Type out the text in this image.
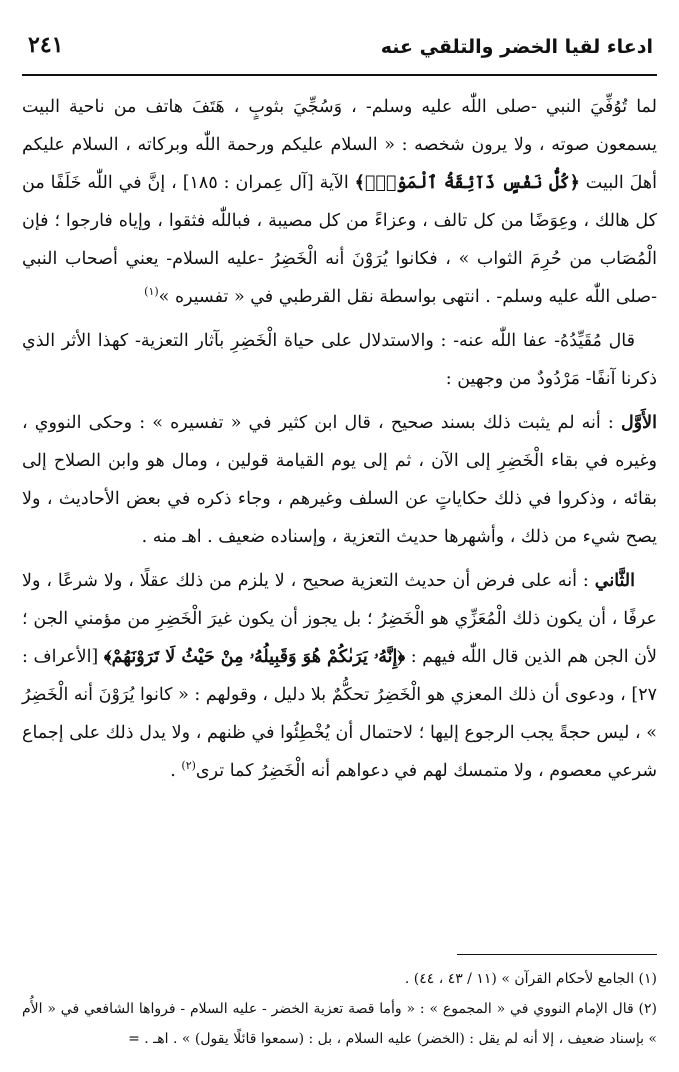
ادعاء لقيا الخضر والتلقي عنه
٢٤١

لما تُوُفِّيَ النبي -صلى اللّٰه عليه وسلم- ، وَسُجِّيَ بثوبٍ ، هَتَفَ هاتف من ناحية البيت يسمعون صوته ، ولا يرون شخصه : « السلام عليكم ورحمة اللّٰه وبركاته ، السلام عليكم أهلَ البيت ﴿كُلُّ نَفْسٍ ذَآئِقَةُ ٱلْمَوْتِۗ﴾ الآية [آل عِمران : ١٨٥] ، إنَّ في اللّٰه خَلَفًا من كل هالك ، وعِوَضًا من كل تالف ، وعزاءً من كل مصيبة ، فباللّٰه فثقوا ، وإياه فارجوا ؛ فإن الْمُصَاب من حُرِمَ الثواب » ، فكانوا يُرَوْنَ أنه الْخَضِرُ -عليه السلام- يعني أصحاب النبي -صلى اللّٰه عليه وسلم- . انتهى بواسطة نقل القرطبي في « تفسيره »$^{(١)}$

قال مُقَيِّدُهُ- عفا اللّٰه عنه- : والاستدلال على حياة الْخَضِرِ بآثار التعزية- كهذا الأثر الذي ذكرنا آنفًا- مَرْدُودٌ من وجهين :

الأَوَّل : أنه لم يثبت ذلك بسند صحيح ، قال ابن كثير في « تفسيره » : وحكى النووي ، وغيره في بقاء الْخَضِرِ إلى الآن ، ثم إلى يوم القيامة قولين ، ومال هو وابن الصلاح إلى بقائه ، وذكروا في ذلك حكاياتٍ عن السلف وغيرهم ، وجاء ذكره في بعض الأحاديث ، ولا يصح شيء من ذلك ، وأشهرها حديث التعزية ، وإسناده ضعيف . اهـ منه .

الثَّاني : أنه على فرض أن حديث التعزية صحيح ، لا يلزم من ذلك عقلًا ، ولا شرعًا ، ولا عرفًا ، أن يكون ذلك الْمُعَزِّي هو الْخَضِرُ ؛ بل يجوز أن يكون غيرَ الْخَضِرِ من مؤمني الجن ؛ لأن الجن هم الذين قال اللّٰه فيهم : ﴿إِنَّهُۥ يَرَىٰكُمْ هُوَ وَقَبِيلُهُۥ مِنْ حَيْثُ لَا تَرَوْنَهُمْ﴾ [الأعراف : ٢٧] ، ودعوى أن ذلك المعزي هو الْخَضِرُ تحكُّمٌ بلا دليل ، وقولهم : « كانوا يُرَوْنَ أنه الْخَضِرُ » ، ليس حجةً يجب الرجوع إليها ؛ لاحتمال أن يُخْطِئُوا في ظنهم ، ولا يدل ذلك على إجماع شرعي معصوم ، ولا متمسك لهم في دعواهم أنه الْخَضِرُ كما ترى$^{(٢)}$ .

(١) الجامع لأحكام القرآن » (١١ / ٤٣ ، ٤٤) .

(٢) قال الإمام النووي في « المجموع » : « وأما قصة تعزية الخضر - عليه السلام - فرواها الشافعي في « الأُم » بإسناد ضعيف ، إلا أنه لم يقل : (الخضر) عليه السلام ، بل : (سمعوا قائلًا يقول) » . اهـ . =
